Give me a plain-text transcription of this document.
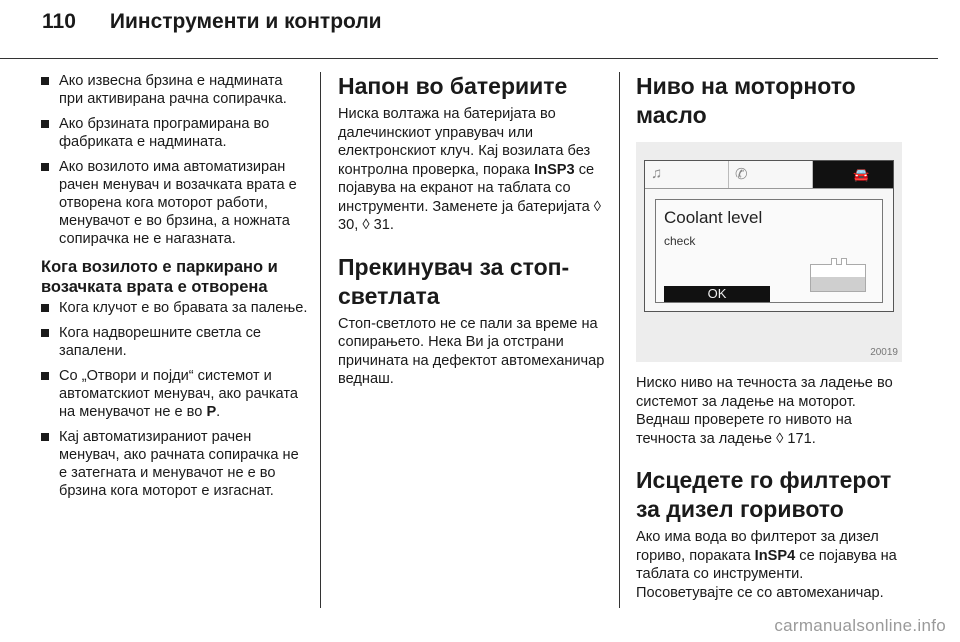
110 Иинструменти и контроли
Ако извесна брзина е надмината при активирана рачна сопирачка.
Ако брзината програмирана во фабриката е надмината.
Ако возилото има автоматизиран рачен менувач и возачката врата е отворена кога моторот работи, менувачот е во брзина, а ножната сопирачка не е нагазната.
Кога возилото е паркирано и возачката врата е отворена
Кога клучот е во бравата за палење.
Кога надворешните светла се запалени.
Со „Отвори и појди“ системот и автоматскиот менувач, ако рачката на менувачот не е во P.
Кај автоматизираниот рачен менувач, ако рачната сопирачка не е затегната и менувачот не е во брзина кога моторот е изгаснат.
Напон во батериите

Ниска волтажа на батеријата во далечинскиот управувач или електронскиот клуч. Кај возилата без контролна проверка, порака InSP3 се појавува на екранот на таблата со инструменти. Заменете ја батеријата ◊ 30, ◊ 31.

Прекинувач за стоп-светлата

Стоп-светлото не се пали за време на сопирањето. Нека Ви ја отстрани причината на дефектот автомеханичар веднаш.

Ниво на моторното масло
♫	✆	🚘
Coolant level
check
OK
20019

Ниско ниво на течноста за ладење во системот за ладење на моторот. Веднаш проверете го нивото на течноста за ладење ◊ 171.

Исцедете го филтерот за дизел горивото

Ако има вода во филтерот за дизел гориво, пораката InSP4 се појавува на таблата со инструменти. Посоветувајте се со автомеханичар.

carmanualsonline.info
